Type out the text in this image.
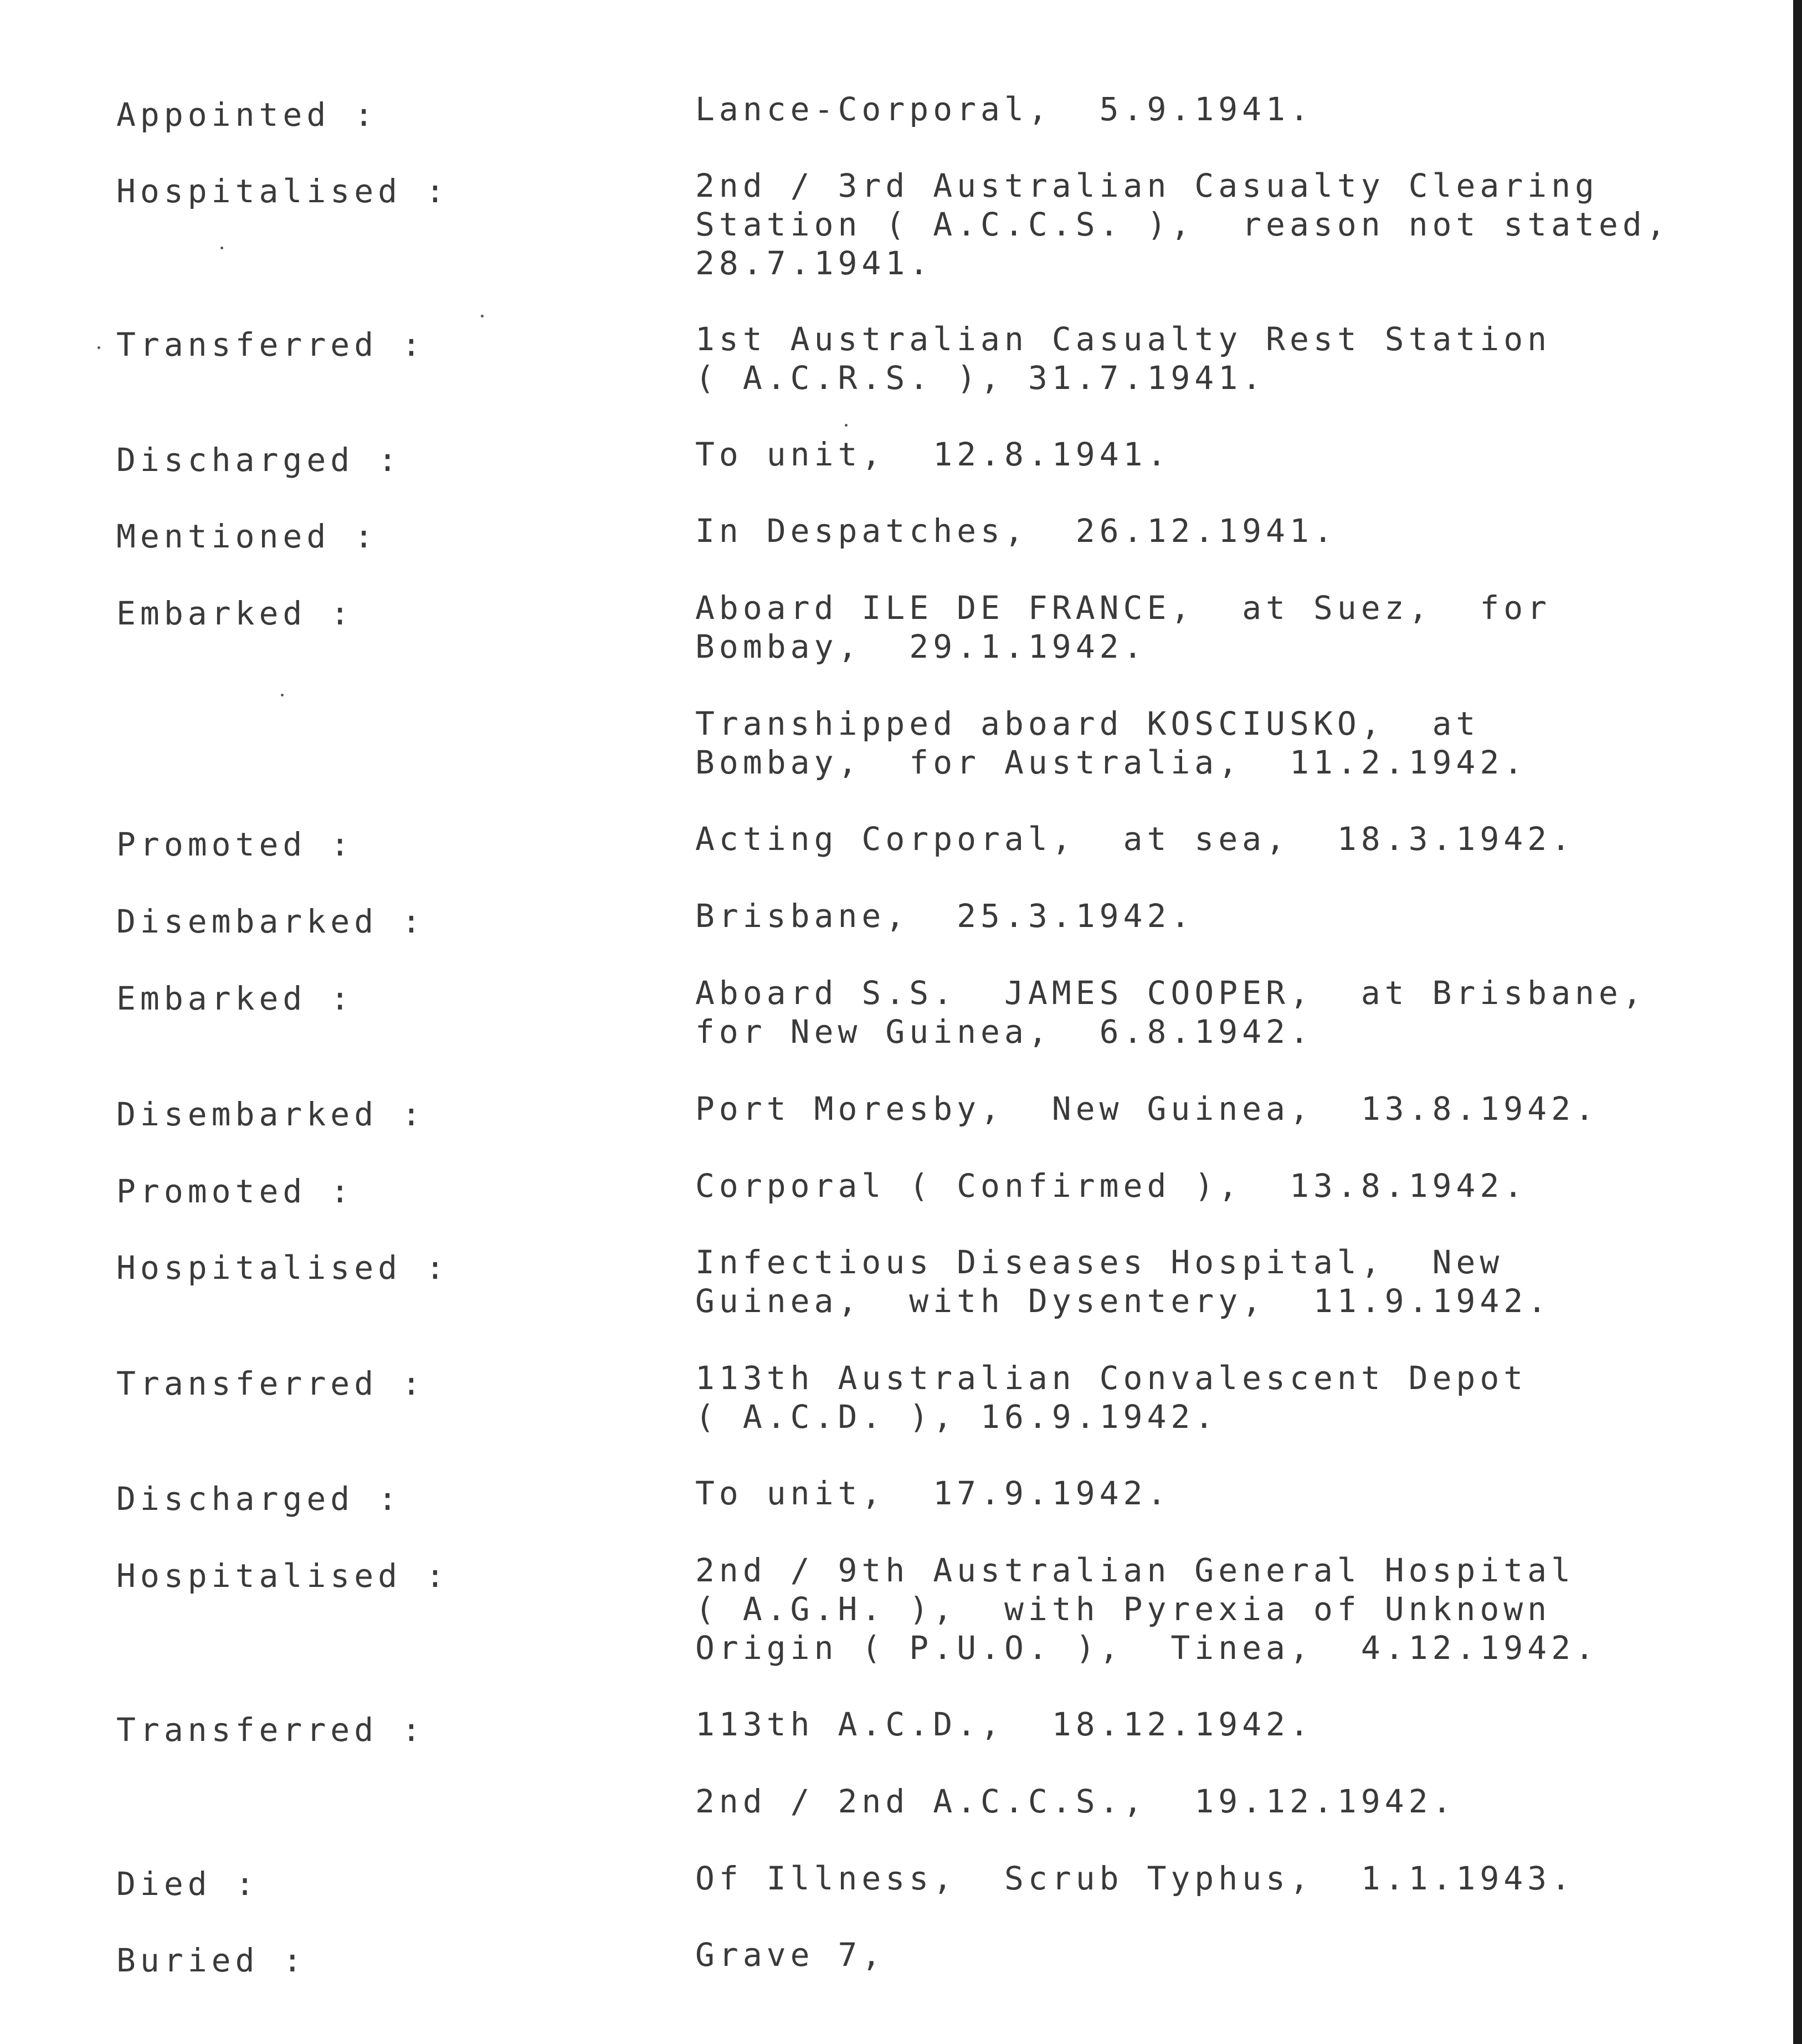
Appointed :	Lance-Corporal,  5.9.1941.
Hospitalised :	2nd / 3rd Australian Casualty Clearing
Station ( A.C.C.S. ),  reason not stated,
28.7.1941.
Transferred :	1st Australian Casualty Rest Station
( A.C.R.S. ), 31.7.1941.
Discharged :	To unit,  12.8.1941.
Mentioned :	In Despatches,  26.12.1941.
Embarked :	Aboard ILE DE FRANCE,  at Suez,  for
Bombay,  29.1.1942.
Transhipped aboard KOSCIUSKO,  at
Bombay,  for Australia,  11.2.1942.
Promoted :	Acting Corporal,  at sea,  18.3.1942.
Disembarked :	Brisbane,  25.3.1942.
Embarked :	Aboard S.S.  JAMES COOPER,  at Brisbane,
for New Guinea,  6.8.1942.
Disembarked :	Port Moresby,  New Guinea,  13.8.1942.
Promoted :	Corporal ( Confirmed ),  13.8.1942.
Hospitalised :	Infectious Diseases Hospital,  New
Guinea,  with Dysentery,  11.9.1942.
Transferred :	113th Australian Convalescent Depot
( A.C.D. ), 16.9.1942.
Discharged :	To unit,  17.9.1942.
Hospitalised :	2nd / 9th Australian General Hospital
( A.G.H. ),  with Pyrexia of Unknown
Origin ( P.U.O. ),  Tinea,  4.12.1942.
Transferred :	113th A.C.D.,  18.12.1942.
2nd / 2nd A.C.C.S.,  19.12.1942.
Died :	Of Illness,  Scrub Typhus,  1.1.1943.
Buried :	Grave 7,
